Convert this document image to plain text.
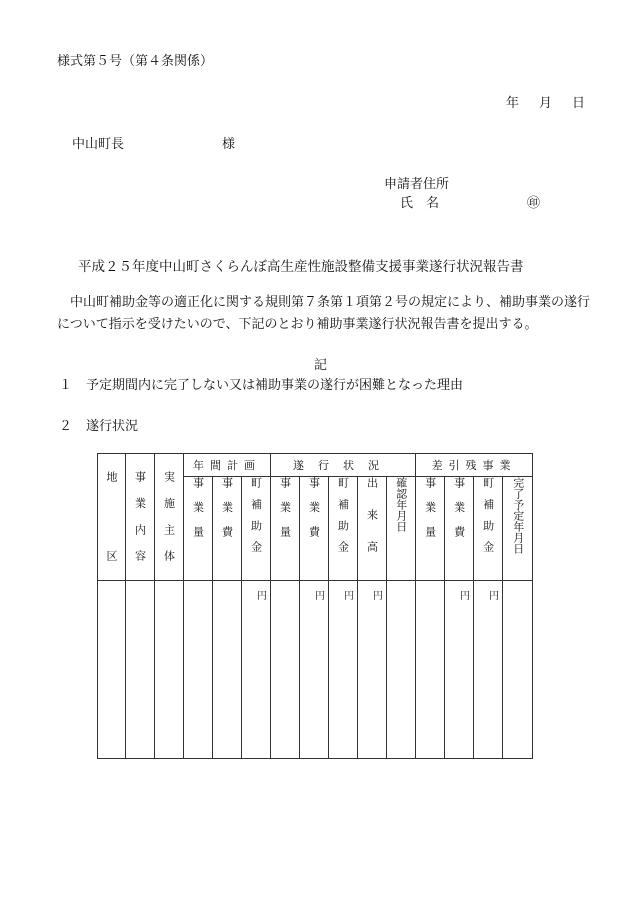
様式第５号（第４条関係）
年 月 日
中山町長	様
申請者住所
氏　名	㊞
平成２５年度中山町さくらんぼ高生産性施設整備支援事業遂行状況報告書
中山町補助金等の適正化に関する規則第７条第１項第２号の規定により、補助事業の遂行について指示を受けたいので、下記のとおり補助事業遂行状況報告書を提出する。
記
１ 予定期間内に完了しない又は補助事業の遂行が困難となった理由
２ 遂行状況
地区	事業内容	実施主体	年間計画			遂行状況					差引残事業			
			事業量	事業費	町補助金	事業量	事業費	町補助金	出来高	確認年月日	事業量	事業費	町補助金	完了予定年月日
					円		円	円	円			円	円	
